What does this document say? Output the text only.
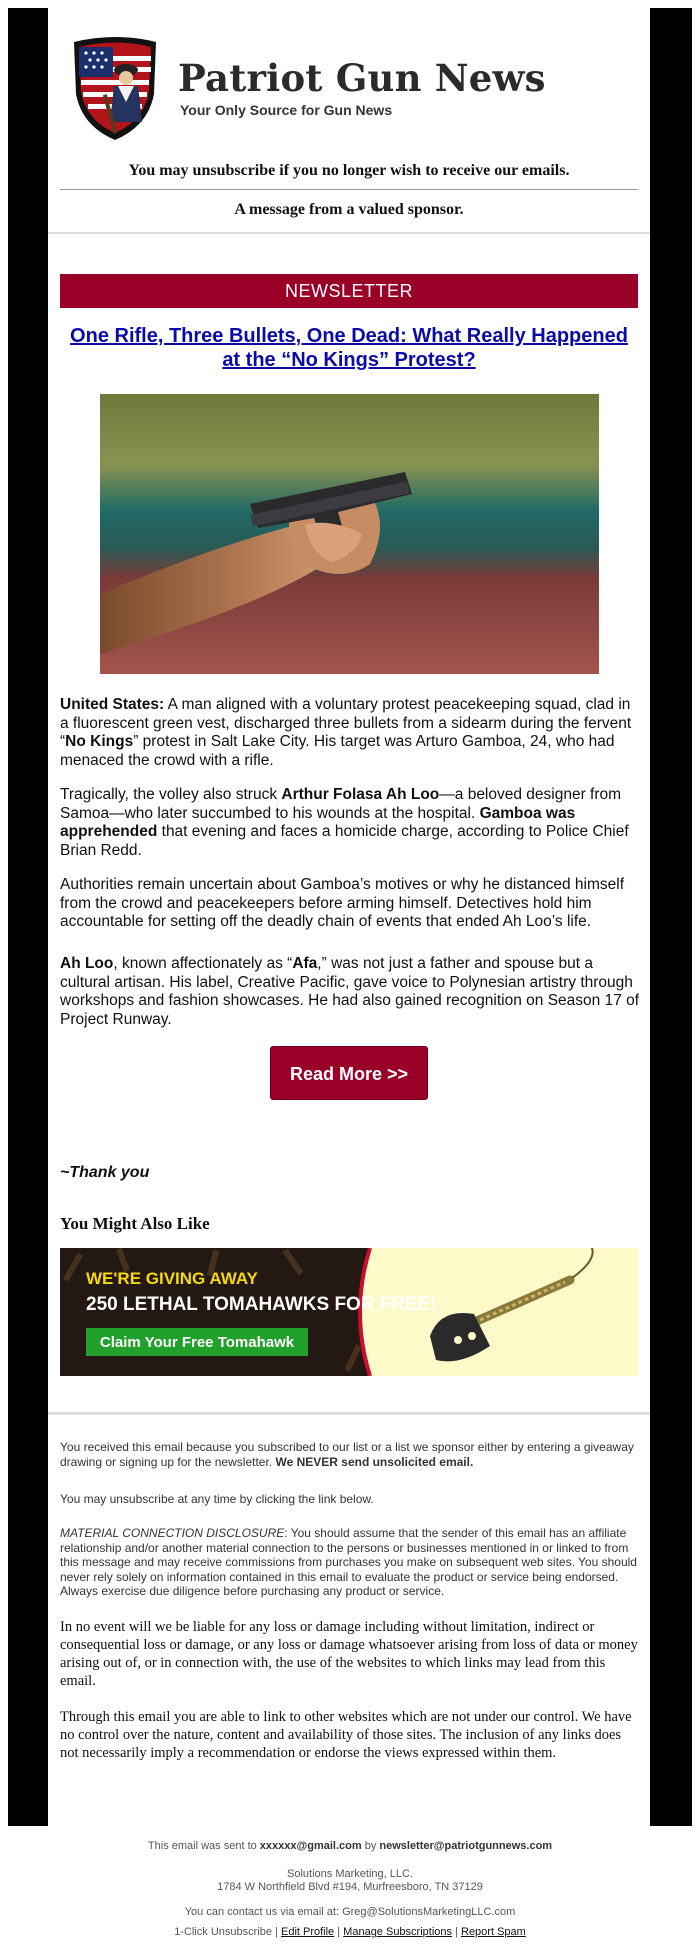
Patriot Gun News
Your Only Source for Gun News
You may unsubscribe if you no longer wish to receive our emails.
A message from a valued sponsor.
NEWSLETTER
One Rifle, Three Bullets, One Dead: What Really Happened at the “No Kings” Protest?
United States: A man aligned with a voluntary protest peacekeeping squad, clad in a fluorescent green vest, discharged three bullets from a sidearm during the fervent “No Kings” protest in Salt Lake City. His target was Arturo Gamboa, 24, who had menaced the crowd with a rifle.
Tragically, the volley also struck Arthur Folasa Ah Loo—a beloved designer from Samoa—who later succumbed to his wounds at the hospital. Gamboa was apprehended that evening and faces a homicide charge, according to Police Chief Brian Redd.
Authorities remain uncertain about Gamboa’s motives or why he distanced himself from the crowd and peacekeepers before arming himself. Detectives hold him accountable for setting off the deadly chain of events that ended Ah Loo’s life.
Ah Loo, known affectionately as “Afa,” was not just a father and spouse but a cultural artisan. His label, Creative Pacific, gave voice to Polynesian artistry through workshops and fashion showcases. He had also gained recognition on Season 17 of Project Runway.
Read More >>
~Thank you
You Might Also Like
WE'RE GIVING AWAY
250 LETHAL TOMAHAWKS FOR FREE!
Claim Your Free Tomahawk
You received this email because you subscribed to our list or a list we sponsor either by entering a giveaway drawing or signing up for the newsletter. We NEVER send unsolicited email.
You may unsubscribe at any time by clicking the link below.
MATERIAL CONNECTION DISCLOSURE: You should assume that the sender of this email has an affiliate relationship and/or another material connection to the persons or businesses mentioned in or linked to from this message and may receive commissions from purchases you make on subsequent web sites. You should never rely solely on information contained in this email to evaluate the product or service being endorsed. Always exercise due diligence before purchasing any product or service.
In no event will we be liable for any loss or damage including without limitation, indirect or consequential loss or damage, or any loss or damage whatsoever arising from loss of data or money arising out of, or in connection with, the use of the websites to which links may lead from this email.
Through this email you are able to link to other websites which are not under our control. We have no control over the nature, content and availability of those sites. The inclusion of any links does not necessarily imply a recommendation or endorse the views expressed within them.
This email was sent to xxxxxx@gmail.com by newsletter@patriotgunnews.com
Solutions Marketing, LLC.
1784 W Northfield Blvd #194, Murfreesboro, TN 37129
You can contact us via email at: Greg@SolutionsMarketingLLC.com
1-Click Unsubscribe | Edit Profile | Manage Subscriptions | Report Spam
